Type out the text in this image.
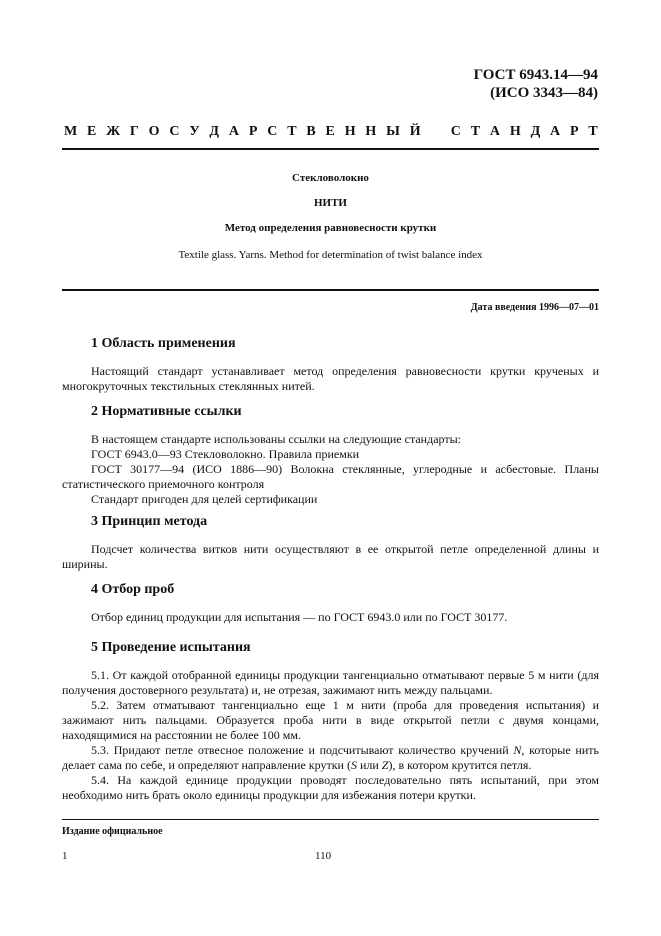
ГОСТ 6943.14—94
(ИСО 3343—84)
М Е Ж Г О С У Д А Р С Т В Е Н Н Ы Й
С Т А Н Д А Р Т
Стекловолокно
НИТИ
Метод определения равновесности крутки
Textile glass. Yarns. Method for determination of twist balance index
Дата введения 1996—07—01
1 Область применения

Настоящий стандарт устанавливает метод определения равновесности крутки крученых и многокруточных текстильных стеклянных нитей.

2 Нормативные ссылки

В настоящем стандарте использованы ссылки на следующие стандарты:

ГОСТ 6943.0—93 Стекловолокно. Правила приемки

ГОСТ 30177—94 (ИСО 1886—90) Волокна стеклянные, углеродные и асбестовые. Планы статистического приемочного контроля

Стандарт пригоден для целей сертификации

3 Принцип метода

Подсчет количества витков нити осуществляют в ее открытой петле определенной длины и ширины.

4 Отбор проб

Отбор единиц продукции для испытания — по ГОСТ 6943.0 или по ГОСТ 30177.

5 Проведение испытания

5.1. От каждой отобранной единицы продукции тангенциально отматывают первые 5 м нити (для получения достоверного результата) и, не отрезая, зажимают нить между пальцами.

5.2. Затем отматывают тангенциально еще 1 м нити (проба для проведения испытания) и зажимают нить пальцами. Образуется проба нити в виде открытой петли с двумя концами, находящимися на расстоянии не более 100 мм.

5.3. Придают петле отвесное положение и подсчитывают количество кручений N, которые нить делает сама по себе, и определяют направление крутки (S или Z), в котором крутится петля.

5.4. На каждой единице продукции проводят последовательно пять испытаний, при этом необходимо нить брать около единицы продукции для избежания потери крутки.

Издание официальное
1	110
